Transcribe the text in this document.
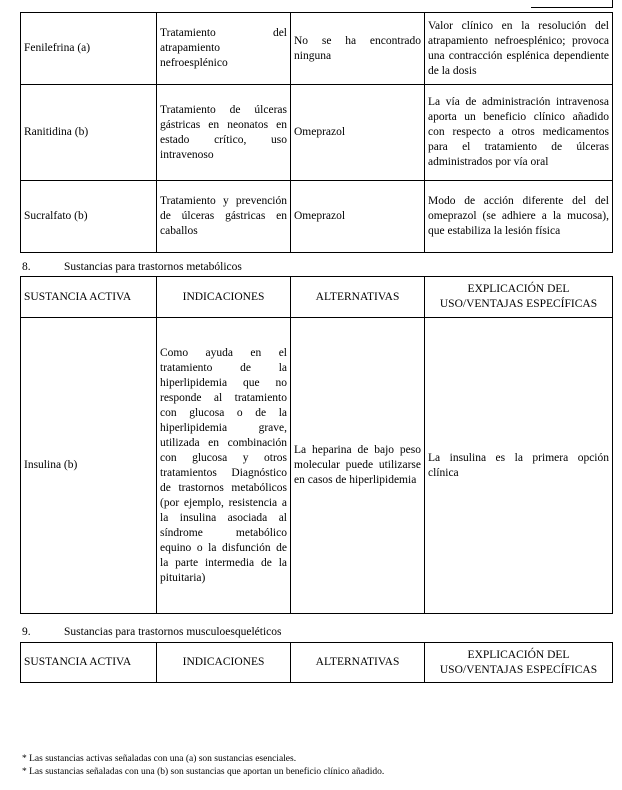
Fenilefrina (a)	Tratamiento del atrapamiento nefroesplénico	No se ha encontrado ninguna	Valor clínico en la resolución del atrapamiento nefroesplénico; provoca una contracción esplénica dependiente de la dosis
Ranitidina (b)	Tratamiento de úlceras gástricas en neonatos en estado crítico, uso intravenoso	Omeprazol	La vía de administración intravenosa aporta un beneficio clínico añadido con respecto a otros medicamentos para el tratamiento de úlceras administrados por vía oral
Sucralfato (b)	Tratamiento y prevención de úlceras gástricas en caballos	Omeprazol	Modo de acción diferente del del omeprazol (se adhiere a la mucosa), que estabiliza la lesión física
8.	Sustancias para trastornos metabólicos
SUSTANCIA ACTIVA	INDICACIONES	ALTERNATIVAS	EXPLICACIÓN DEL
USO/VENTAJAS ESPECÍFICAS
Insulina (b)	Como ayuda en el tratamiento de la hiperlipidemia que no responde al tratamiento con glucosa o de la hiperlipidemia grave, utilizada en combinación con glucosa y otros tratamientos Diagnóstico de trastornos metabólicos (por ejemplo, resistencia a la insulina asociada al síndrome metabólico equino o la disfunción de la parte intermedia de la pituitaria)	La heparina de bajo peso molecular puede utilizarse en casos de hiperlipidemia	La insulina es la primera opción clínica
9.	Sustancias para trastornos musculoesqueléticos
SUSTANCIA ACTIVA	INDICACIONES	ALTERNATIVAS	EXPLICACIÓN DEL
USO/VENTAJAS ESPECÍFICAS
* Las sustancias activas señaladas con una (a) son sustancias esenciales.
* Las sustancias señaladas con una (b) son sustancias que aportan un beneficio clínico añadido.
